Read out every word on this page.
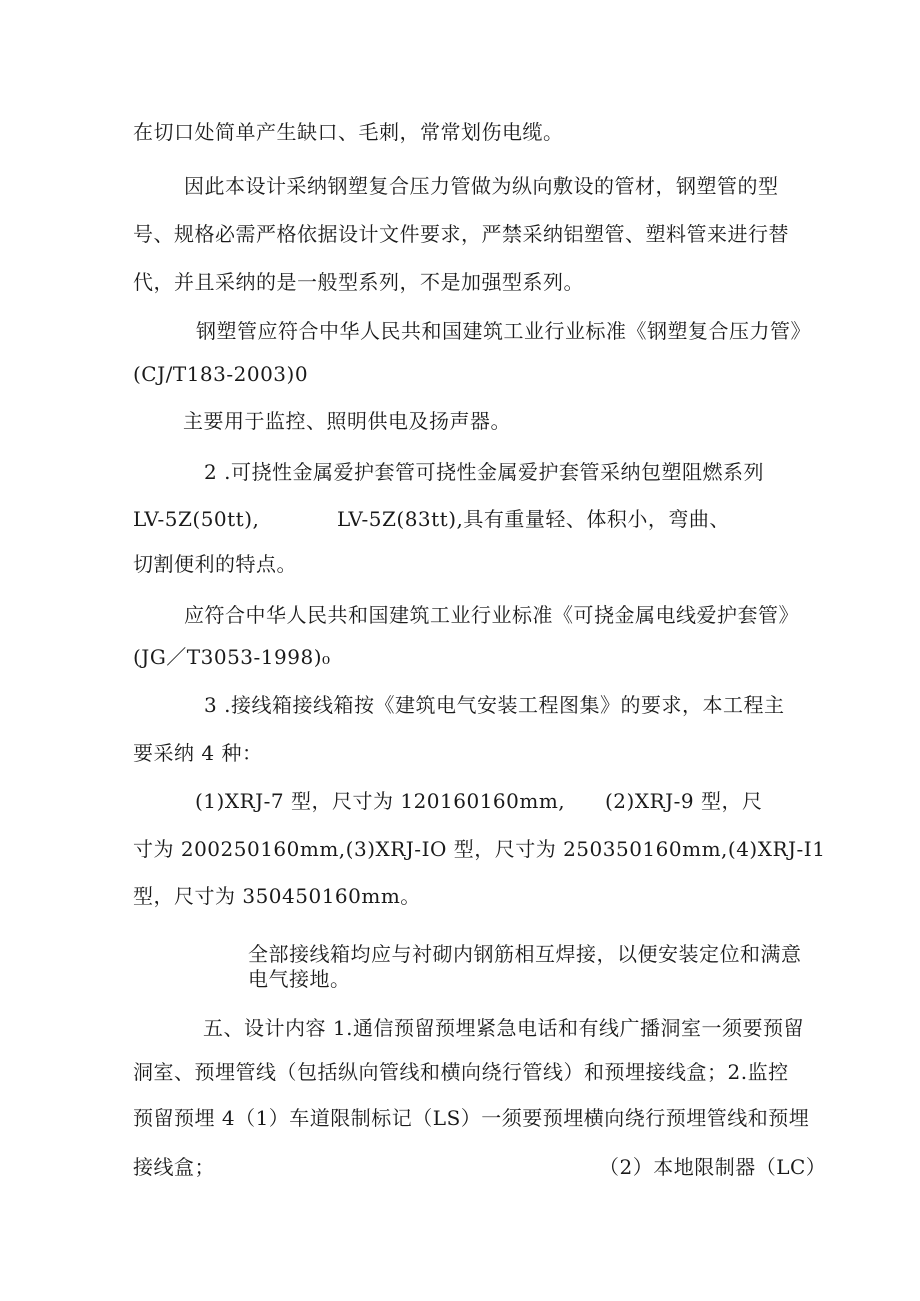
在切口处简单产生缺口、毛刺，常常划伤电缆。
因此本设计采纳钢塑复合压力管做为纵向敷设的管材，钢塑管的型
号、规格必需严格依据设计文件要求，严禁采纳铝塑管、塑料管来进行替
代，并且采纳的是一般型系列，不是加强型系列。
钢塑管应符合中华人民共和国建筑工业行业标准《钢塑复合压力管》
(CJ/T183-2003)0
主要用于监控、照明供电及扬声器。
2 .可挠性金属爱护套管可挠性金属爱护套管采纳包塑阻燃系列
LV-5Z(50tt),	LV-5Z(83tt),具有重量轻、体积小，弯曲、
切割便利的特点。
应符合中华人民共和国建筑工业行业标准《可挠金属电线爱护套管》
(JG／T3053-1998)₀
3 .接线箱接线箱按《建筑电气安装工程图集》的要求，本工程主
要采纳 4 种：
(1)XRJ-7 型，尺寸为 120160160mm, (2)XRJ-9 型，尺
寸为 200250160mm,(3)XRJ-IO 型，尺寸为 250350160mm,(4)XRJ-I1
型，尺寸为 350450160mm。
全部接线箱均应与衬砌内钢筋相互焊接，以便安装定位和满意
电气接地。
五、设计内容 1.通信预留预埋紧急电话和有线广播洞室一须要预留
洞室、预埋管线（包括纵向管线和横向绕行管线）和预埋接线盒；2.监控
预留预埋 4（1）车道限制标记（LS）一须要预埋横向绕行预埋管线和预埋
接线盒；	（2）本地限制器（LC）
